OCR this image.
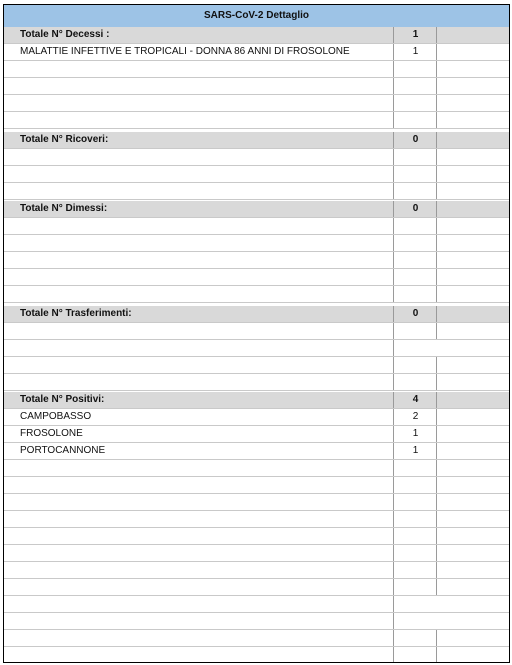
SARS-CoV-2 Dettaglio
Totale N° Decessi :	1
MALATTIE INFETTIVE E TROPICALI - DONNA 86 ANNI DI FROSOLONE	1
Totale N° Ricoveri:	0
Totale N° Dimessi:	0
Totale N° Trasferimenti:	0
Totale N° Positivi:	4
CAMPOBASSO	2
FROSOLONE	1
PORTOCANNONE	1
